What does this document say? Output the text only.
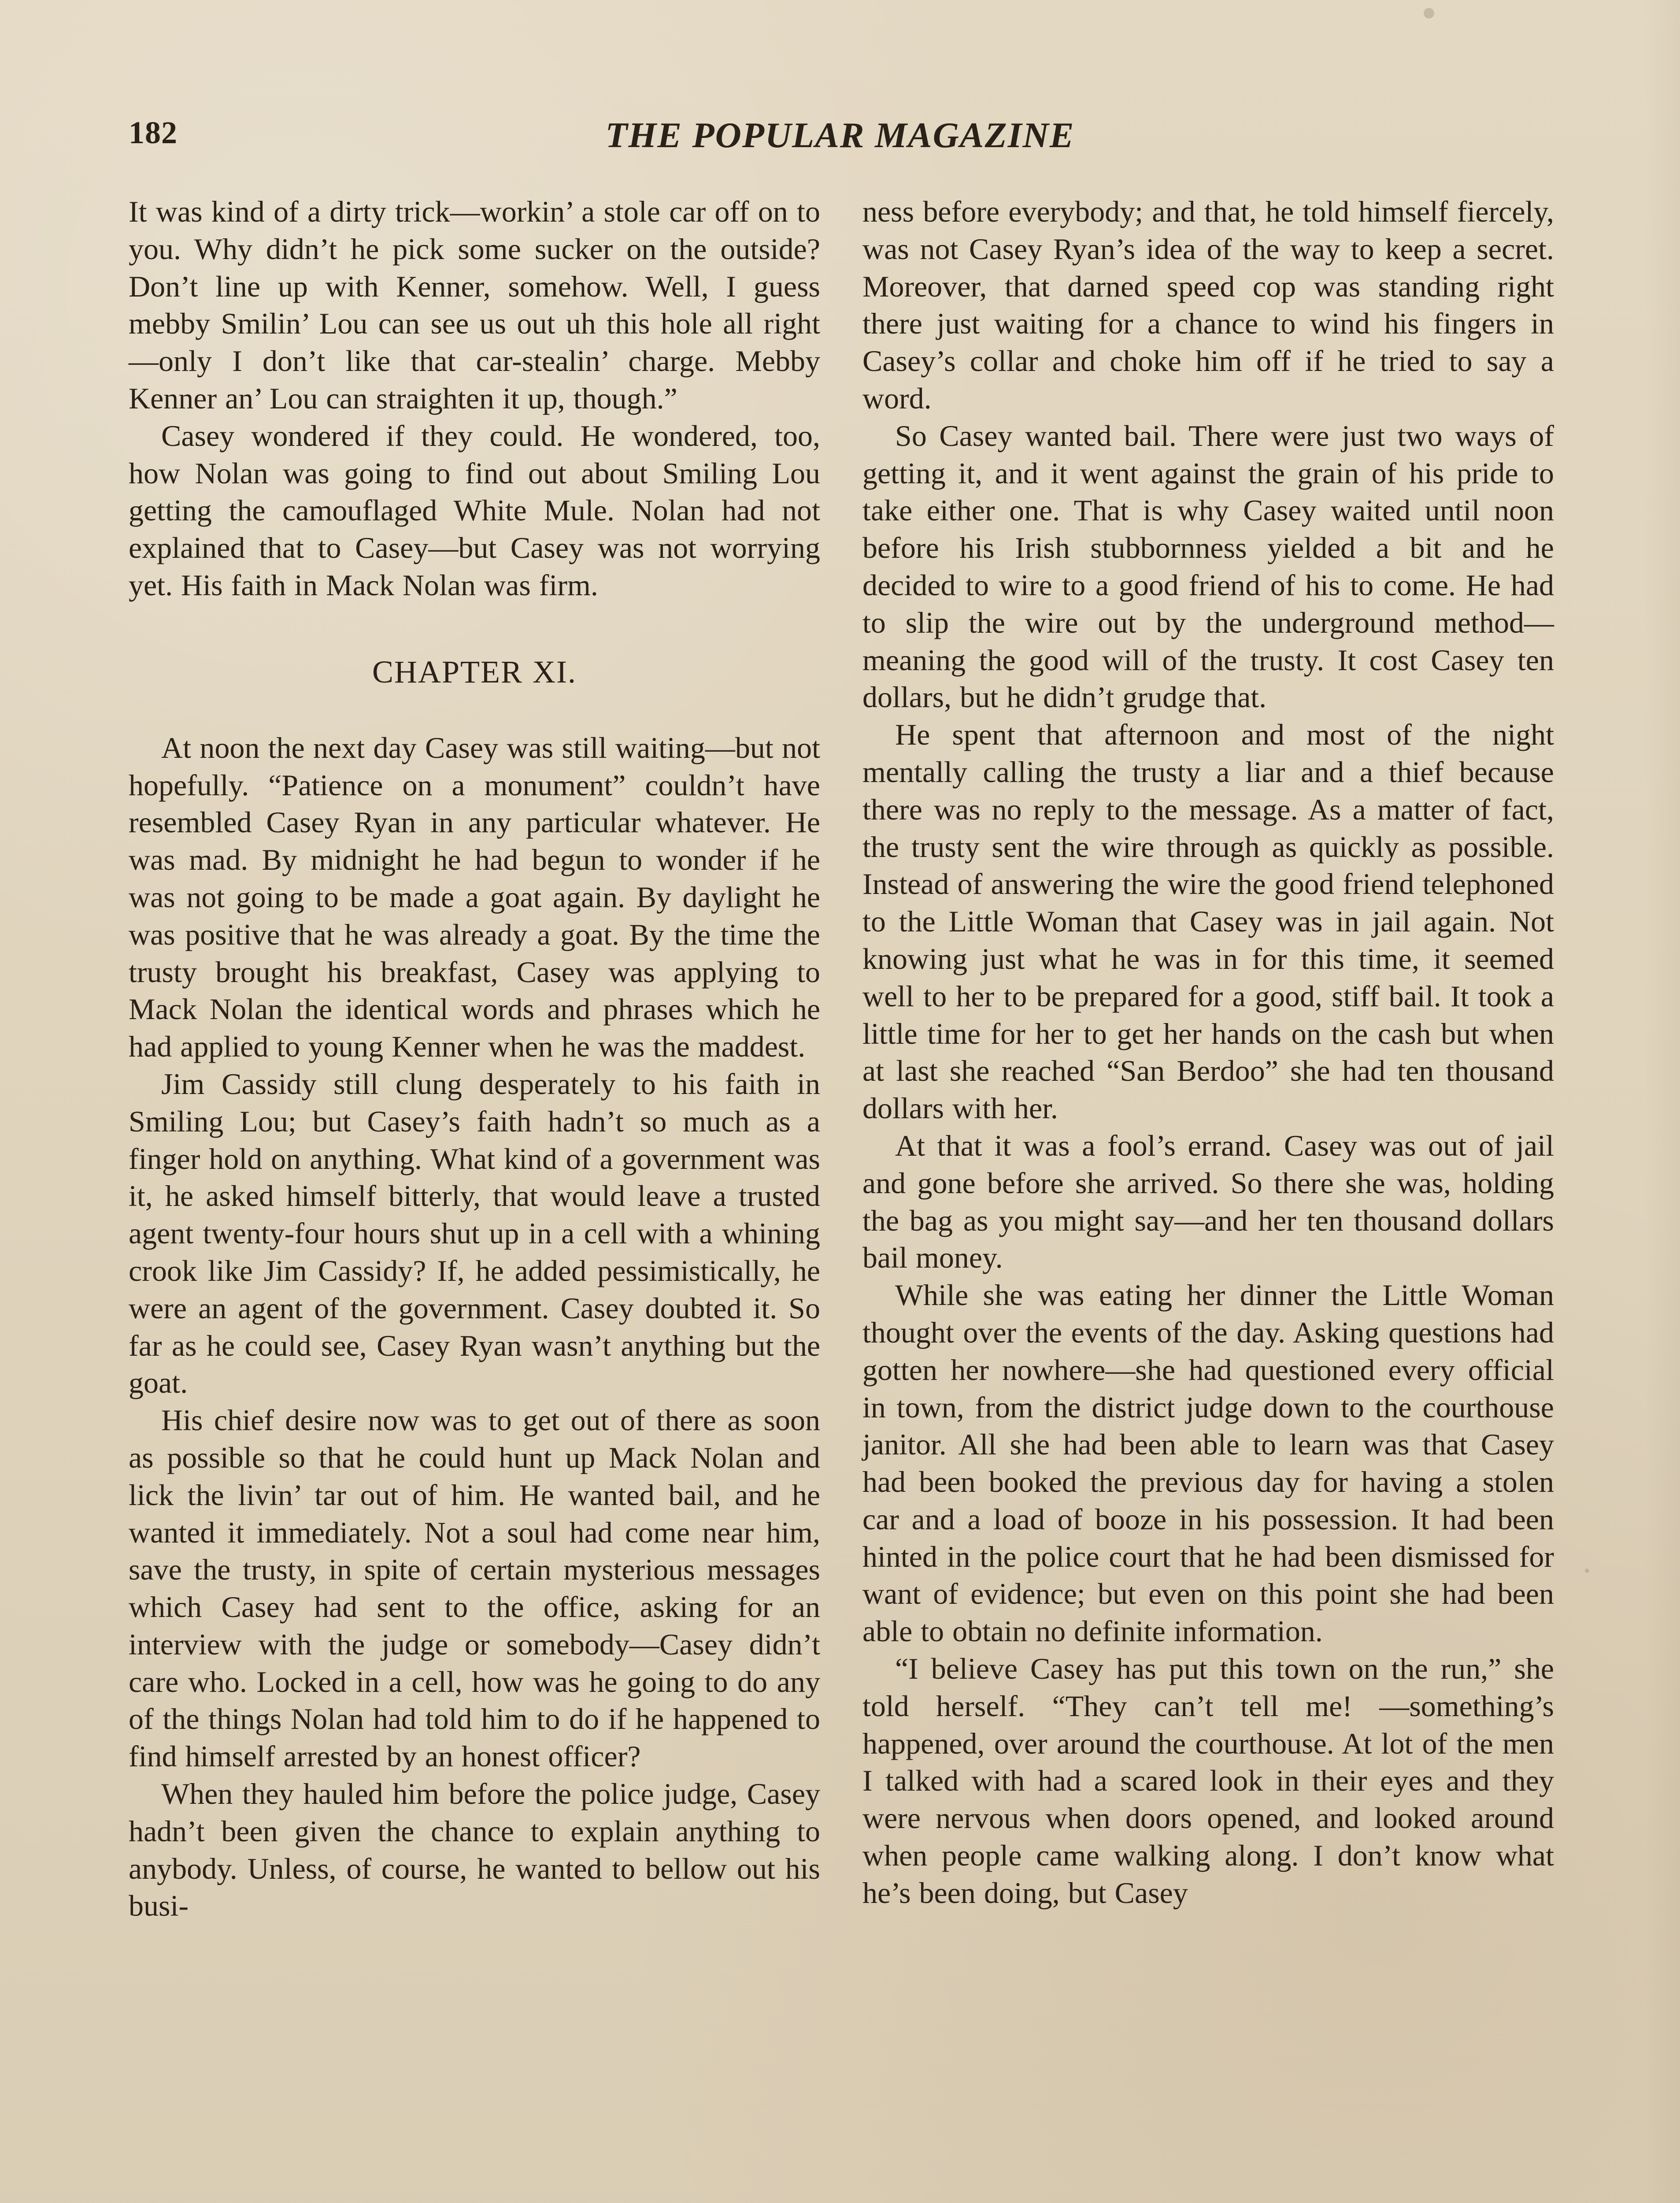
182	THE POPULAR MAGAZINE

It was kind of a dirty trick—workin’ a stole car off on to you. Why didn’t he pick some sucker on the outside? Don’t line up with Kenner, somehow. Well, I guess mebby Smilin’ Lou can see us out uh this hole all right—only I don’t like that car-stealin’ charge. Mebby Kenner an’ Lou can straighten it up, though.”

Casey wondered if they could. He wondered, too, how Nolan was going to find out about Smiling Lou getting the camouflaged White Mule. Nolan had not explained that to Casey—but Casey was not worrying yet. His faith in Mack Nolan was firm.

CHAPTER XI.

At noon the next day Casey was still waiting—but not hopefully. “Patience on a monument” couldn’t have resembled Casey Ryan in any particular whatever. He was mad. By midnight he had begun to wonder if he was not going to be made a goat again. By daylight he was positive that he was already a goat. By the time the trusty brought his breakfast, Casey was applying to Mack Nolan the identical words and phrases which he had applied to young Kenner when he was the maddest.

Jim Cassidy still clung desperately to his faith in Smiling Lou; but Casey’s faith hadn’t so much as a finger hold on anything. What kind of a government was it, he asked himself bitterly, that would leave a trusted agent twenty-four hours shut up in a cell with a whining crook like Jim Cassidy? If, he added pessimistically, he were an agent of the government. Casey doubted it. So far as he could see, Casey Ryan wasn’t anything but the goat.

His chief desire now was to get out of there as soon as possible so that he could hunt up Mack Nolan and lick the livin’ tar out of him. He wanted bail, and he wanted it immediately. Not a soul had come near him, save the trusty, in spite of certain mysterious messages which Casey had sent to the office, asking for an interview with the judge or somebody—Casey didn’t care who. Locked in a cell, how was he going to do any of the things Nolan had told him to do if he happened to find himself arrested by an honest officer?

When they hauled him before the police judge, Casey hadn’t been given the chance to explain anything to anybody. Unless, of course, he wanted to bellow out his busi-

ness before everybody; and that, he told himself fiercely, was not Casey Ryan’s idea of the way to keep a secret. Moreover, that darned speed cop was standing right there just waiting for a chance to wind his fingers in Casey’s collar and choke him off if he tried to say a word.

So Casey wanted bail. There were just two ways of getting it, and it went against the grain of his pride to take either one. That is why Casey waited until noon before his Irish stubbornness yielded a bit and he decided to wire to a good friend of his to come. He had to slip the wire out by the underground method—meaning the good will of the trusty. It cost Casey ten dollars, but he didn’t grudge that.

He spent that afternoon and most of the night mentally calling the trusty a liar and a thief because there was no reply to the message. As a matter of fact, the trusty sent the wire through as quickly as possible. Instead of answering the wire the good friend telephoned to the Little Woman that Casey was in jail again. Not knowing just what he was in for this time, it seemed well to her to be prepared for a good, stiff bail. It took a little time for her to get her hands on the cash but when at last she reached “San Berdoo” she had ten thousand dollars with her.

At that it was a fool’s errand. Casey was out of jail and gone before she arrived. So there she was, holding the bag as you might say—and her ten thousand dollars bail money.

While she was eating her dinner the Little Woman thought over the events of the day. Asking questions had gotten her nowhere—she had questioned every official in town, from the district judge down to the courthouse janitor. All she had been able to learn was that Casey had been booked the previous day for having a stolen car and a load of booze in his possession. It had been hinted in the police court that he had been dismissed for want of evidence; but even on this point she had been able to obtain no definite information.

“I believe Casey has put this town on the run,” she told herself. “They can’t tell me! —something’s happened, over around the courthouse. At lot of the men I talked with had a scared look in their eyes and they were nervous when doors opened, and looked around when people came walking along. I don’t know what he’s been doing, but Casey
